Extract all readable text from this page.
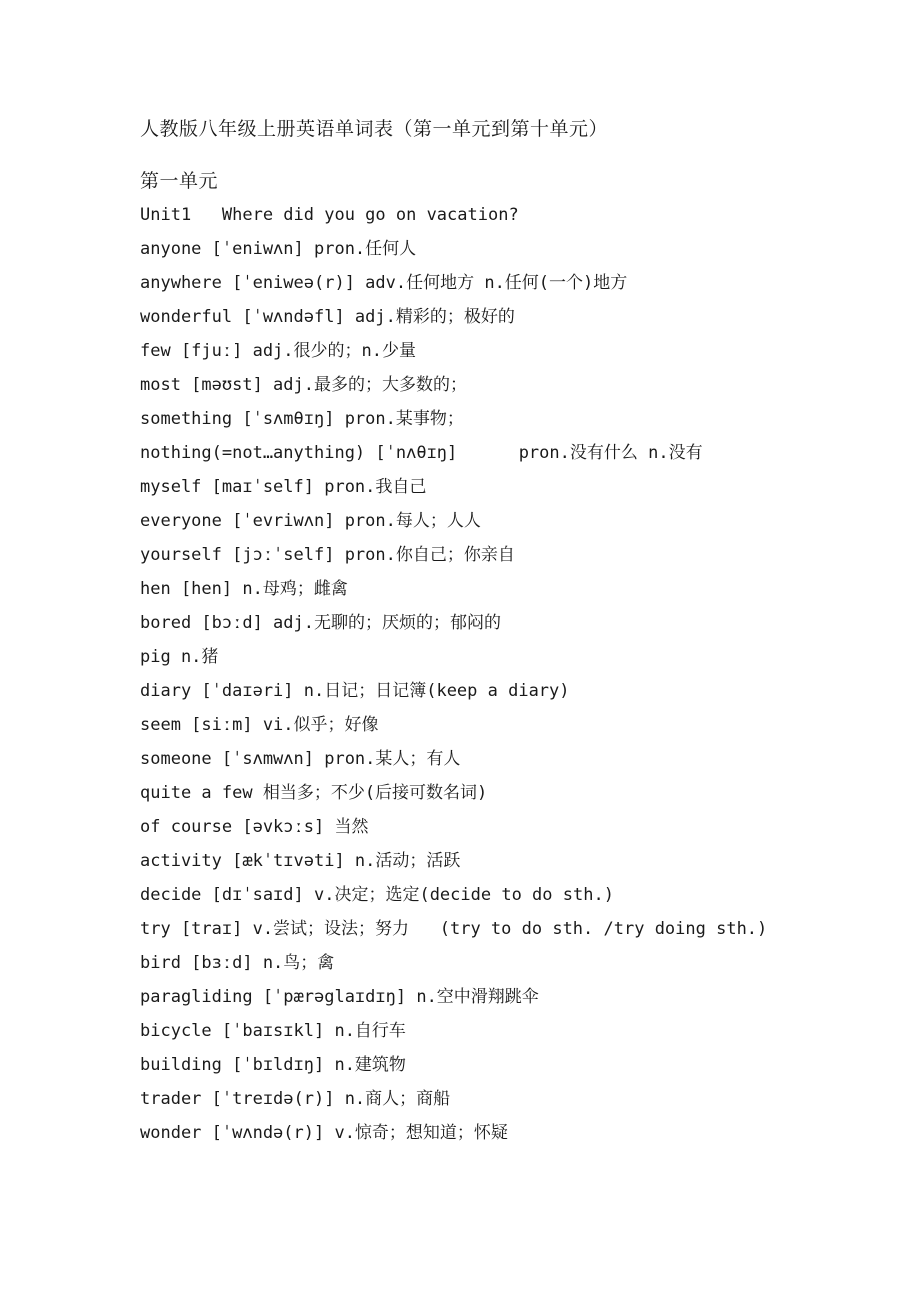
人教版八年级上册英语单词表（第一单元到第十单元）
第一单元
Unit1   Where did you go on vacation?
anyone [ˈeniwʌn] pron.任何人
anywhere [ˈeniweə(r)] adv.任何地方 n.任何(一个)地方
wonderful [ˈwʌndəfl] adj.精彩的；极好的
few [fjuː] adj.很少的；n.少量
most [məʊst] adj.最多的；大多数的；
something [ˈsʌmθɪŋ] pron.某事物；
nothing(=not…anything) [ˈnʌθɪŋ]      pron.没有什么 n.没有
myself [maɪˈself] pron.我自己
everyone [ˈevriwʌn] pron.每人；人人
yourself [jɔːˈself] pron.你自己；你亲自
hen [hen] n.母鸡；雌禽
bored [bɔːd] adj.无聊的；厌烦的；郁闷的
pig n.猪
diary [ˈdaɪəri] n.日记；日记簿(keep a diary)
seem [siːm] vi.似乎；好像
someone [ˈsʌmwʌn] pron.某人；有人
quite a few 相当多；不少(后接可数名词)
of course [əvkɔːs] 当然
activity [ækˈtɪvəti] n.活动；活跃
decide [dɪˈsaɪd] v.决定；选定(decide to do sth.)
try [traɪ] v.尝试；设法；努力   (try to do sth. /try doing sth.)
bird [bɜːd] n.鸟；禽
paragliding [ˈpærəglaɪdɪŋ] n.空中滑翔跳伞
bicycle [ˈbaɪsɪkl] n.自行车
building [ˈbɪldɪŋ] n.建筑物
trader [ˈtreɪdə(r)] n.商人；商船
wonder [ˈwʌndə(r)] v.惊奇；想知道；怀疑
